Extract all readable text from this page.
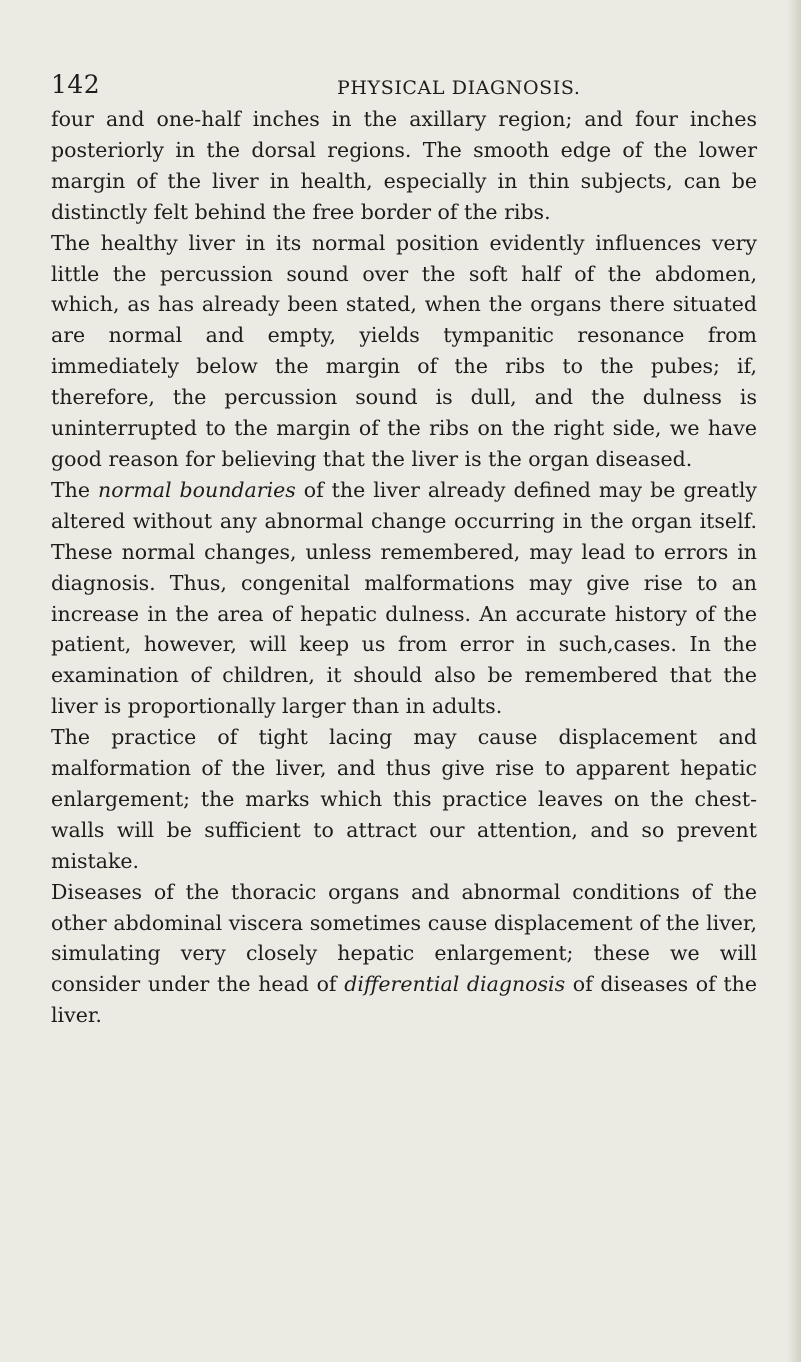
142	PHYSICAL DIAGNOSIS.

four and one-half inches in the axillary region; and four inches posteriorly in the dorsal regions. The smooth edge of the lower margin of the liver in health, especially in thin subjects, can be distinctly felt behind the free border of the ribs.

The healthy liver in its normal position evidently influences very little the percussion sound over the soft half of the abdomen, which, as has already been stated, when the organs there situated are normal and empty, yields tympanitic resonance from immediately below the margin of the ribs to the pubes; if, therefore, the percussion sound is dull, and the dulness is uninterrupted to the margin of the ribs on the right side, we have good reason for believing that the liver is the organ diseased.

The normal boundaries of the liver already defined may be greatly altered without any abnormal change occurring in the organ itself. These normal changes, unless remembered, may lead to errors in diagnosis. Thus, congenital malformations may give rise to an increase in the area of hepatic dulness. An accurate history of the patient, however, will keep us from error in such,cases. In the examination of children, it should also be remembered that the liver is proportionally larger than in adults.

The practice of tight lacing may cause displacement and malformation of the liver, and thus give rise to apparent hepatic enlargement; the marks which this practice leaves on the chest-walls will be sufficient to attract our attention, and so prevent mistake.

Diseases of the thoracic organs and abnormal conditions of the other abdominal viscera sometimes cause displacement of the liver, simulating very closely hepatic enlargement; these we will consider under the head of differential diagnosis of diseases of the liver.
